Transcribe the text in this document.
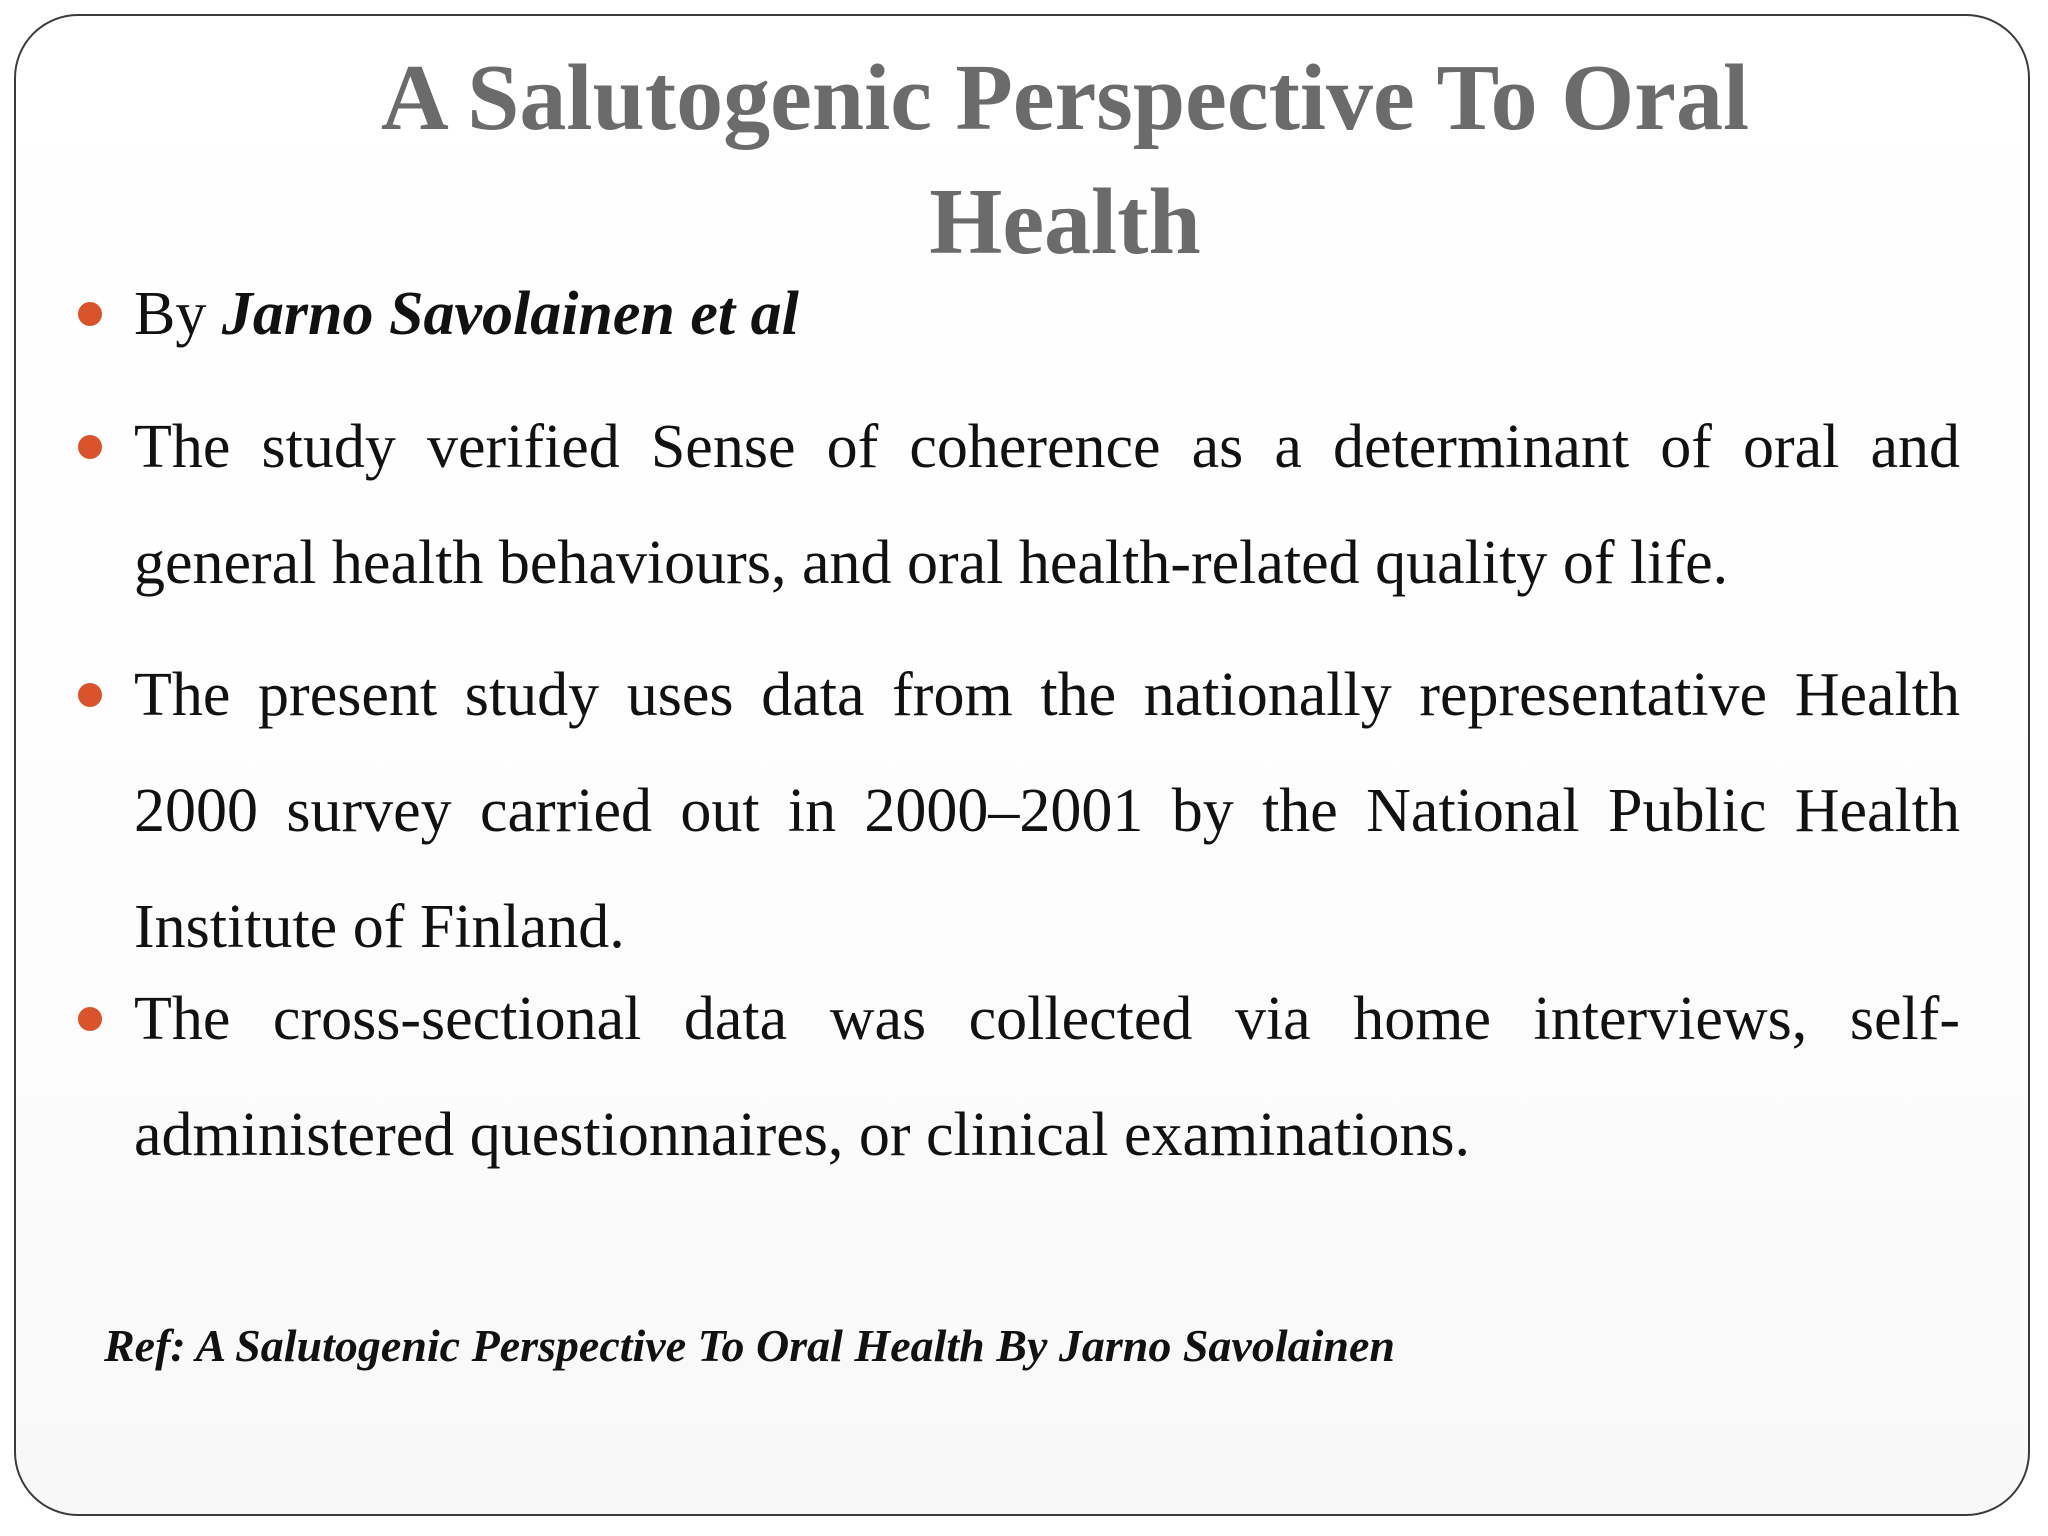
A Salutogenic Perspective To Oral Health
By Jarno Savolainen et al
The study verified Sense of coherence as a determinant of oral and general health behaviours, and oral health-related quality of life.
The present study uses data from the nationally representative Health 2000 survey carried out in 2000–2001 by the National Public Health Institute of Finland.
The cross-sectional data was collected via home interviews, self-administered questionnaires, or clinical examinations.

Ref: A Salutogenic Perspective To Oral Health By Jarno Savolainen
